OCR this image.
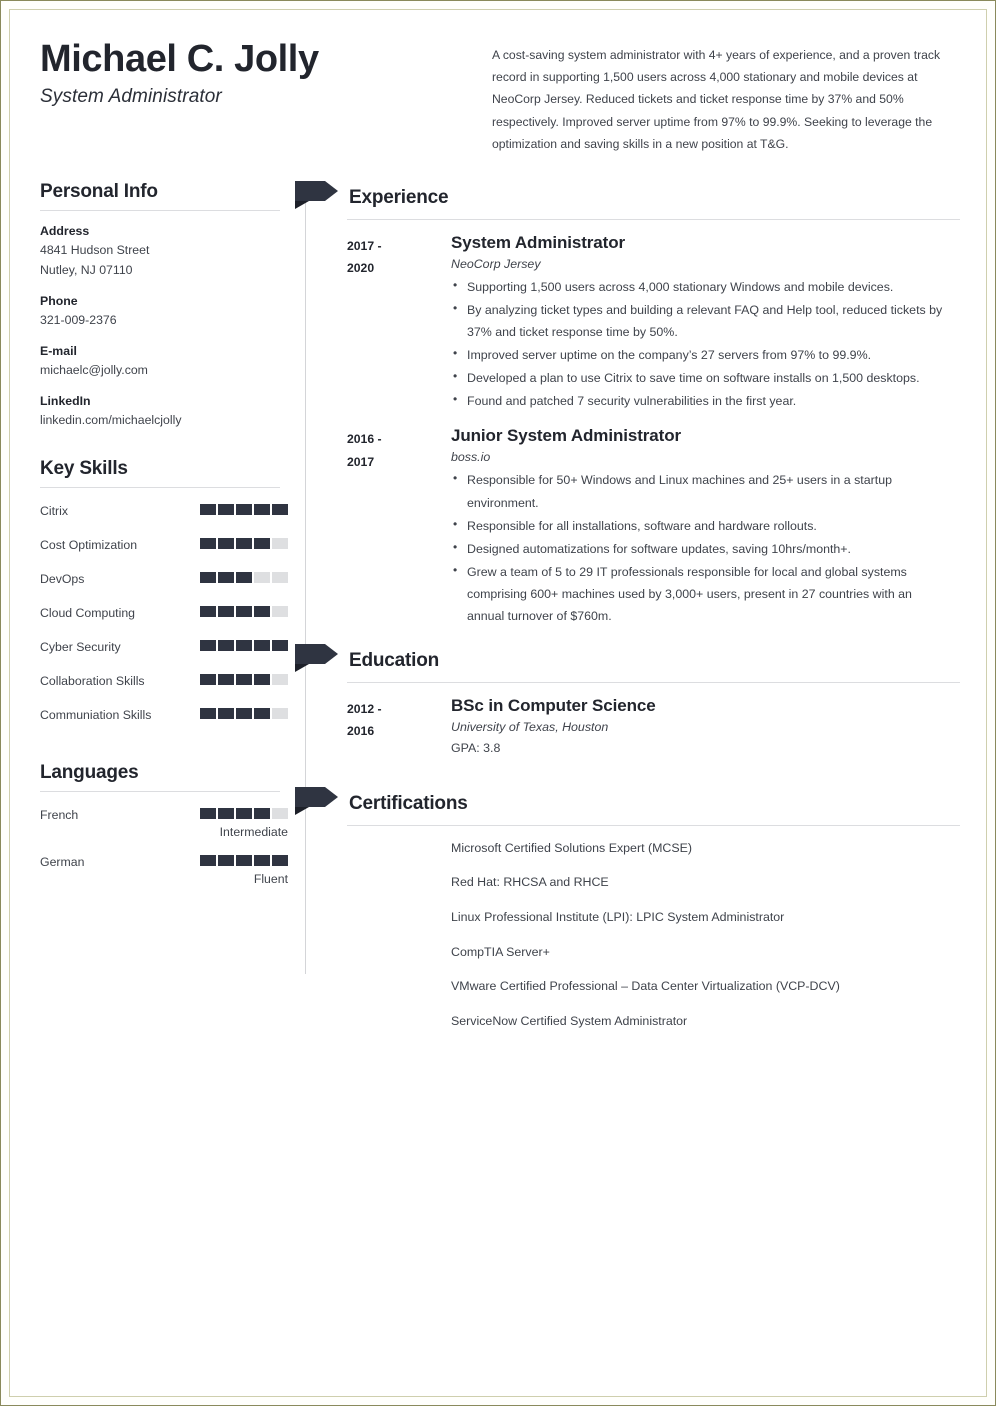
Michael C. Jolly
System Administrator

A cost-saving system administrator with 4+ years of experience, and a proven track record in supporting 1,500 users across 4,000 stationary and mobile devices at NeoCorp Jersey. Reduced tickets and ticket response time by 37% and 50% respectively. Improved server uptime from 97% to 99.9%. Seeking to leverage the optimization and saving skills in a new position at T&G.

Personal Info
Address
4841 Hudson Street
Nutley, NJ 07110
Phone
321-009-2376
E-mail
michaelc@jolly.com
LinkedIn
linkedin.com/michaelcjolly
Key Skills
Citrix
Cost Optimization
DevOps
Cloud Computing
Cyber Security
Collaboration Skills
Communiation Skills
Languages
French
Intermediate
German
Fluent
Experience
2017 -
2020
System Administrator
NeoCorp Jersey
• Supporting 1,500 users across 4,000 stationary Windows and mobile devices.
• By analyzing ticket types and building a relevant FAQ and Help tool, reduced tickets by 37% and ticket response time by 50%.
• Improved server uptime on the company’s 27 servers from 97% to 99.9%.
• Developed a plan to use Citrix to save time on software installs on 1,500 desktops.
• Found and patched 7 security vulnerabilities in the first year.
2016 -
2017
Junior System Administrator
boss.io
• Responsible for 50+ Windows and Linux machines and 25+ users in a startup environment.
• Responsible for all installations, software and hardware rollouts.
• Designed automatizations for software updates, saving 10hrs/month+.
• Grew a team of 5 to 29 IT professionals responsible for local and global systems comprising 600+ machines used by 3,000+ users, present in 27 countries with an annual turnover of $760m.
Education
2012 -
2016
BSc in Computer Science
University of Texas, Houston
GPA: 3.8
Certifications
Microsoft Certified Solutions Expert (MCSE)
Red Hat: RHCSA and RHCE
Linux Professional Institute (LPI): LPIC System Administrator
CompTIA Server+
VMware Certified Professional – Data Center Virtualization (VCP-DCV)
ServiceNow Certified System Administrator
